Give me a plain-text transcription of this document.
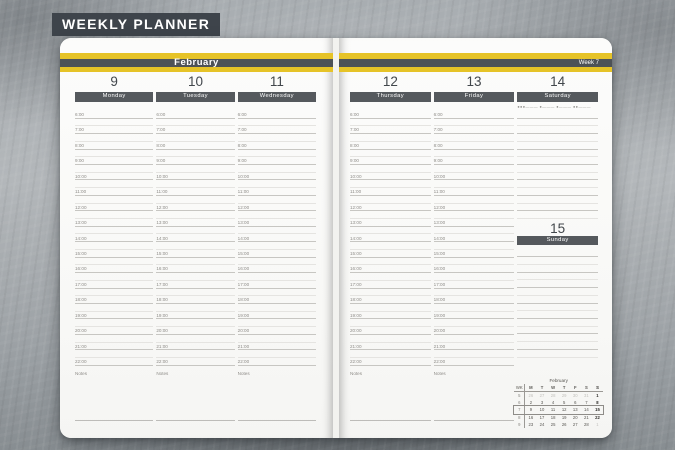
WEEKLY PLANNER
February
9
Monday
6:00
7:00
8:00
9:00
10:00
11:00
12:00
13:00
14:00
15:00
16:00
17:00
18:00
19:00
20:00
21:00
22:00
Notes
10
Tuesday
6:00
7:00
8:00
9:00
10:00
11:00
12:00
13:00
14:00
15:00
16:00
17:00
18:00
19:00
20:00
21:00
22:00
Notes
11
Wednesday
6:00
7:00
8:00
9:00
10:00
11:00
12:00
13:00
14:00
15:00
16:00
17:00
18:00
19:00
20:00
21:00
22:00
Notes
Week 7
12
Thursday
6:00
7:00
8:00
9:00
10:00
11:00
12:00
13:00
14:00
15:00
16:00
17:00
18:00
19:00
20:00
21:00
22:00
Notes
13
Friday
6:00
7:00
8:00
9:00
10:00
11:00
12:00
13:00
14:00
15:00
16:00
17:00
18:00
19:00
20:00
21:00
22:00
Notes
14
Saturday
●●●——— ●——— ●——— ●●———
15
Sunday
February
WK	M	T	W	T	F	S	S
5	26	27	28	29	30	31	1
6	2	3	4	5	6	7	8
7	9	10	11	12	13	14	15
8	16	17	18	19	20	21	22
9	23	24	25	26	27	28	1
